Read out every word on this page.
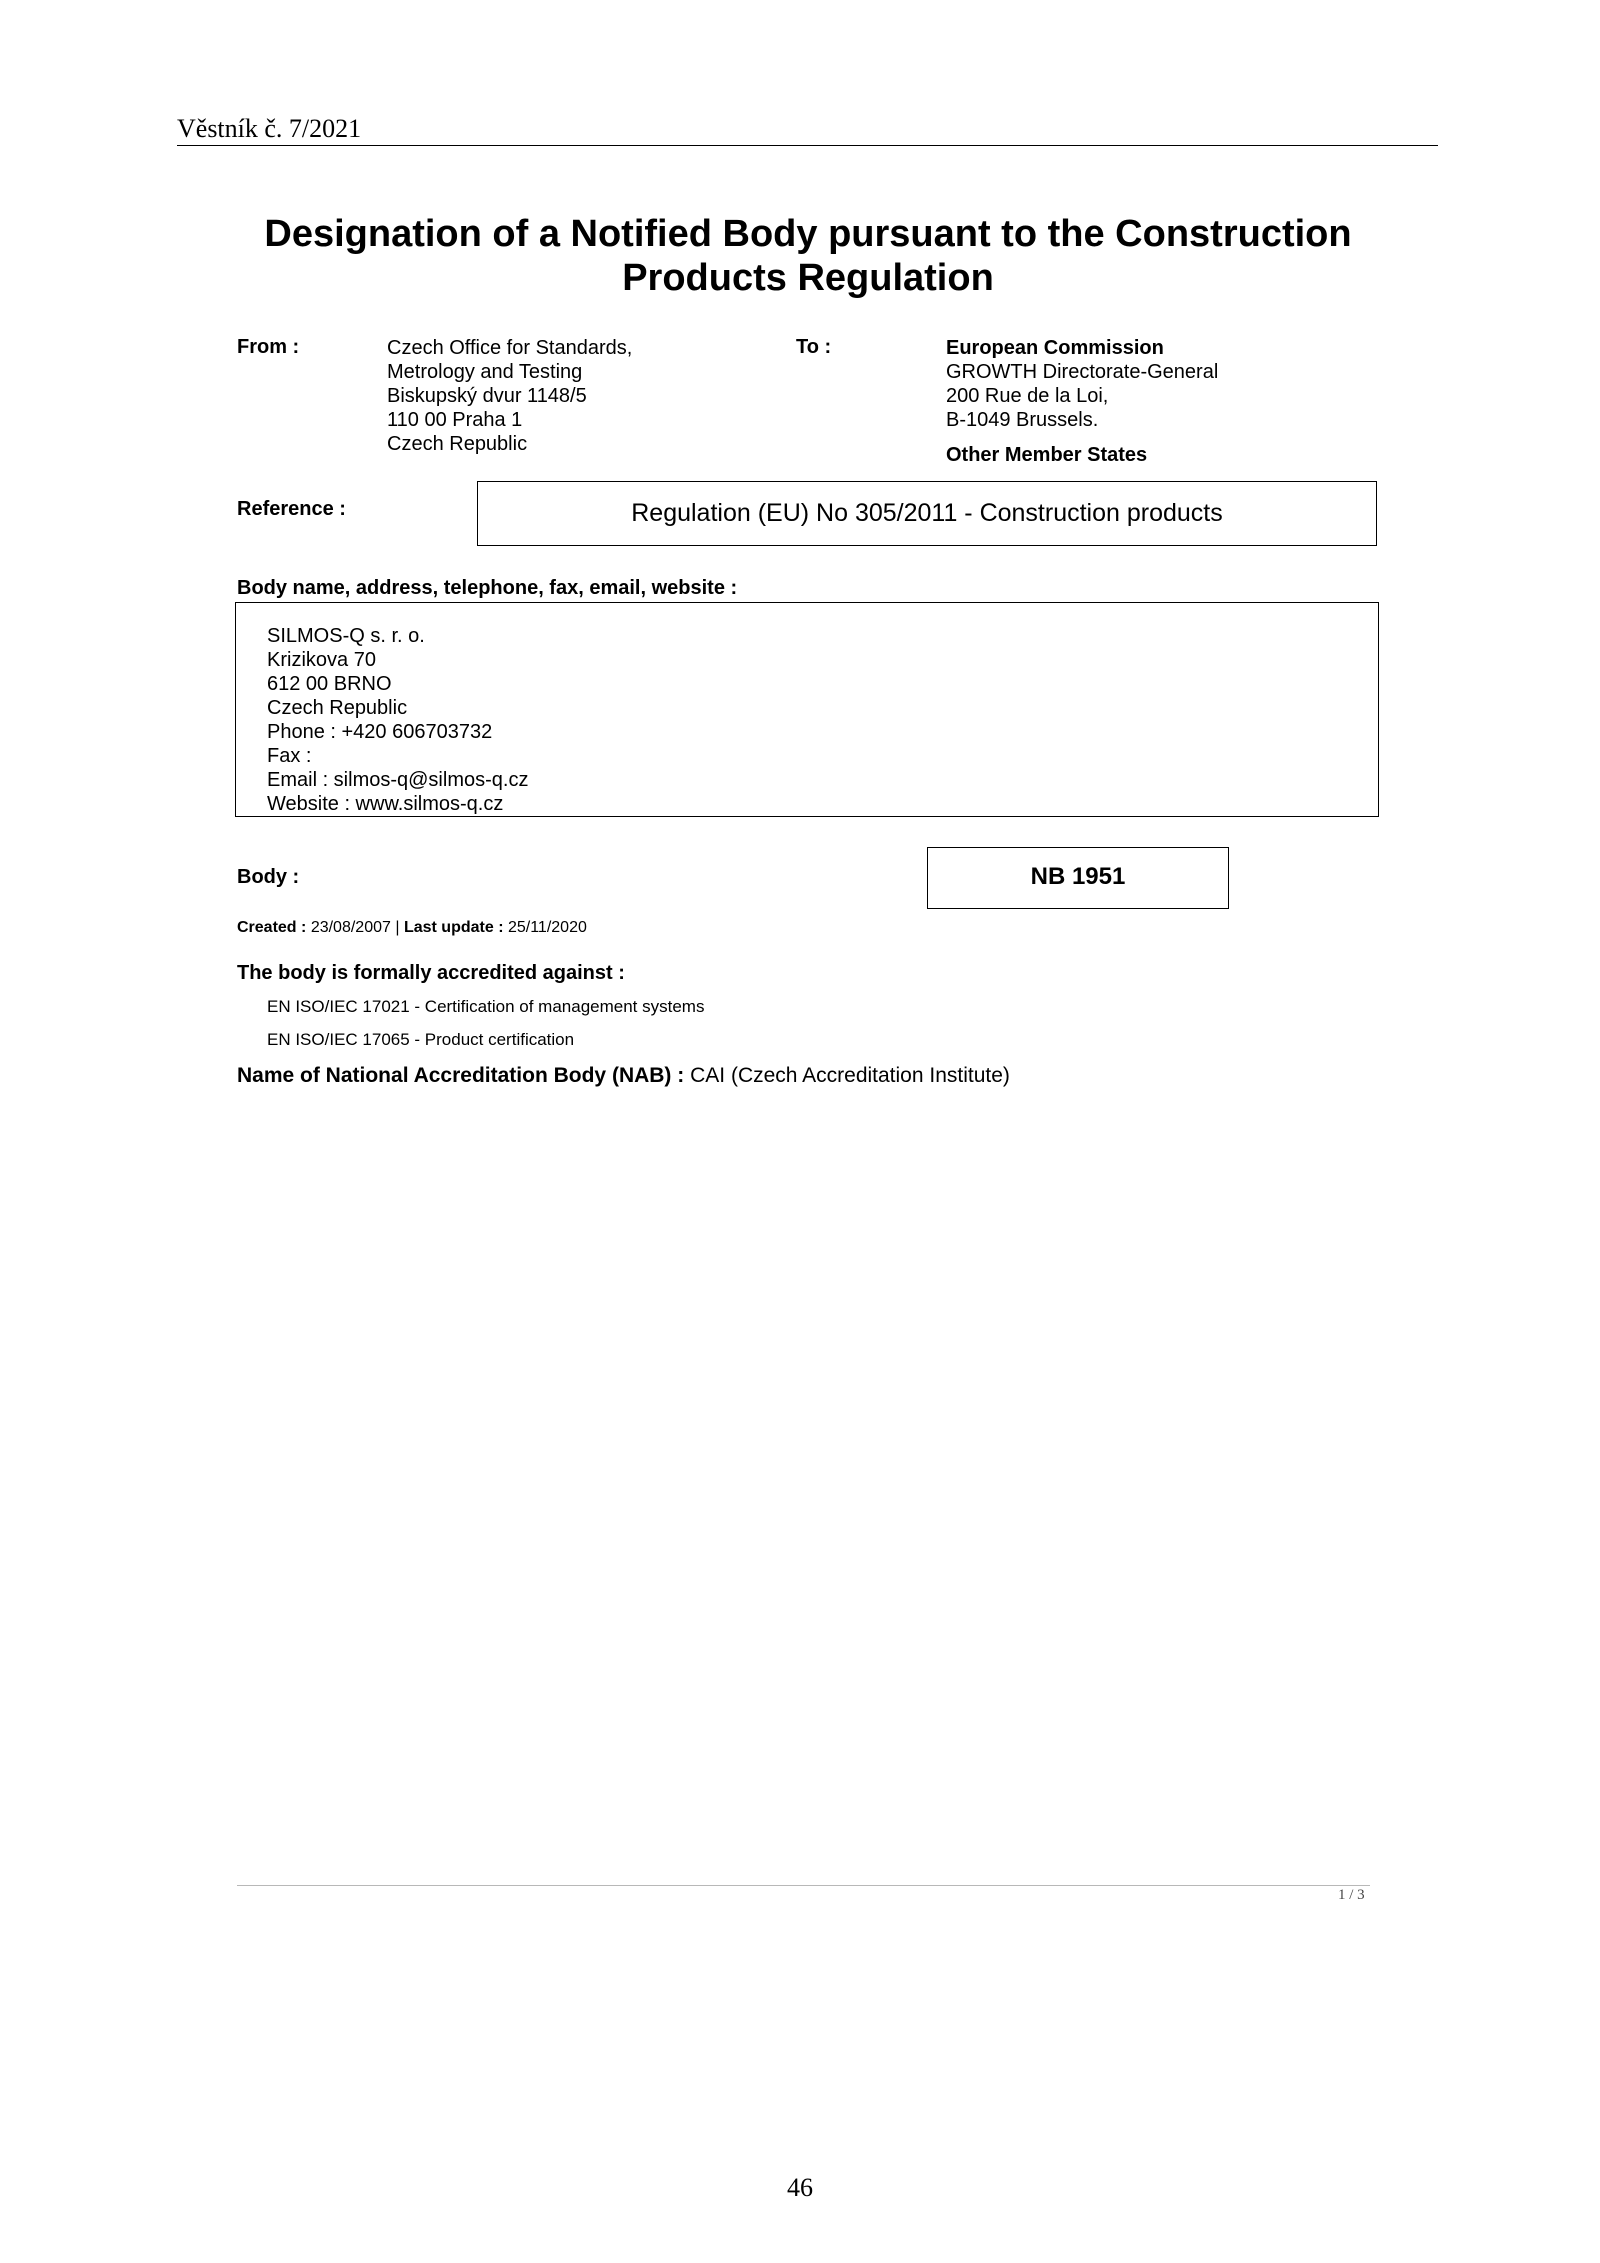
Věstník č. 7/2021
Designation of a Notified Body pursuant to the Construction
Products Regulation
From :	Czech Office for Standards,
Metrology and Testing
Biskupský dvur 1148/5
110 00 Praha 1
Czech Republic
To :	European Commission
GROWTH Directorate-General
200 Rue de la Loi,
B-1049 Brussels.
Other Member States
Reference :	Regulation (EU) No 305/2011 - Construction products
Body name, address, telephone, fax, email, website :
SILMOS-Q s. r. o.
Krizikova 70
612 00 BRNO
Czech Republic
Phone : +420 606703732
Fax :
Email : silmos-q@silmos-q.cz
Website : www.silmos-q.cz
Body :	NB 1951
Created : 23/08/2007 | Last update : 25/11/2020
The body is formally accredited against :
EN ISO/IEC 17021 - Certification of management systems
EN ISO/IEC 17065 - Product certification
Name of National Accreditation Body (NAB) : CAI (Czech Accreditation Institute)
1 / 3
46
